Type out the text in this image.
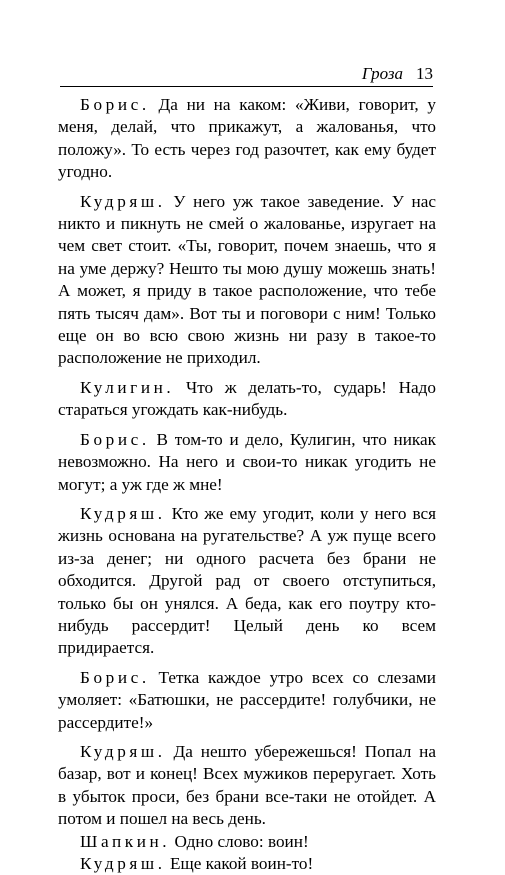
Гроза 13

Борис. Да ни на каком: «Живи, говорит, у меня, делай, что прикажут, а жалованья, что положу». То есть через год разочтет, как ему будет угодно.

Кудряш. У него уж такое заведение. У нас никто и пикнуть не смей о жалованье, изругает на чем свет стоит. «Ты, говорит, почем знаешь, что я на уме держу? Нешто ты мою душу можешь знать! А может, я приду в такое расположение, что тебе пять тысяч дам». Вот ты и поговори с ним! Только еще он во всю свою жизнь ни разу в такое-то расположение не приходил.

Кулигин. Что ж делать-то, сударь! Надо стараться угождать как-нибудь.

Борис. В том-то и дело, Кулигин, что никак невозможно. На него и свои-то никак угодить не могут; а уж где ж мне!

Кудряш. Кто же ему угодит, коли у него вся жизнь основана на ругательстве? А уж пуще всего из-за денег; ни одного расчета без брани не обходится. Другой рад от своего отступиться, только бы он унялся. А беда, как его поутру кто-нибудь рассердит! Целый день ко всем придирается.

Борис. Тетка каждое утро всех со слезами умоляет: «Батюшки, не рассердите! голубчики, не рассердите!»

Кудряш. Да нешто убережешься! Попал на базар, вот и конец! Всех мужиков переругает. Хоть в убыток проси, без брани все-таки не отойдет. А потом и пошел на весь день.

Шапкин. Одно слово: воин!

Кудряш. Еще какой воин-то!
